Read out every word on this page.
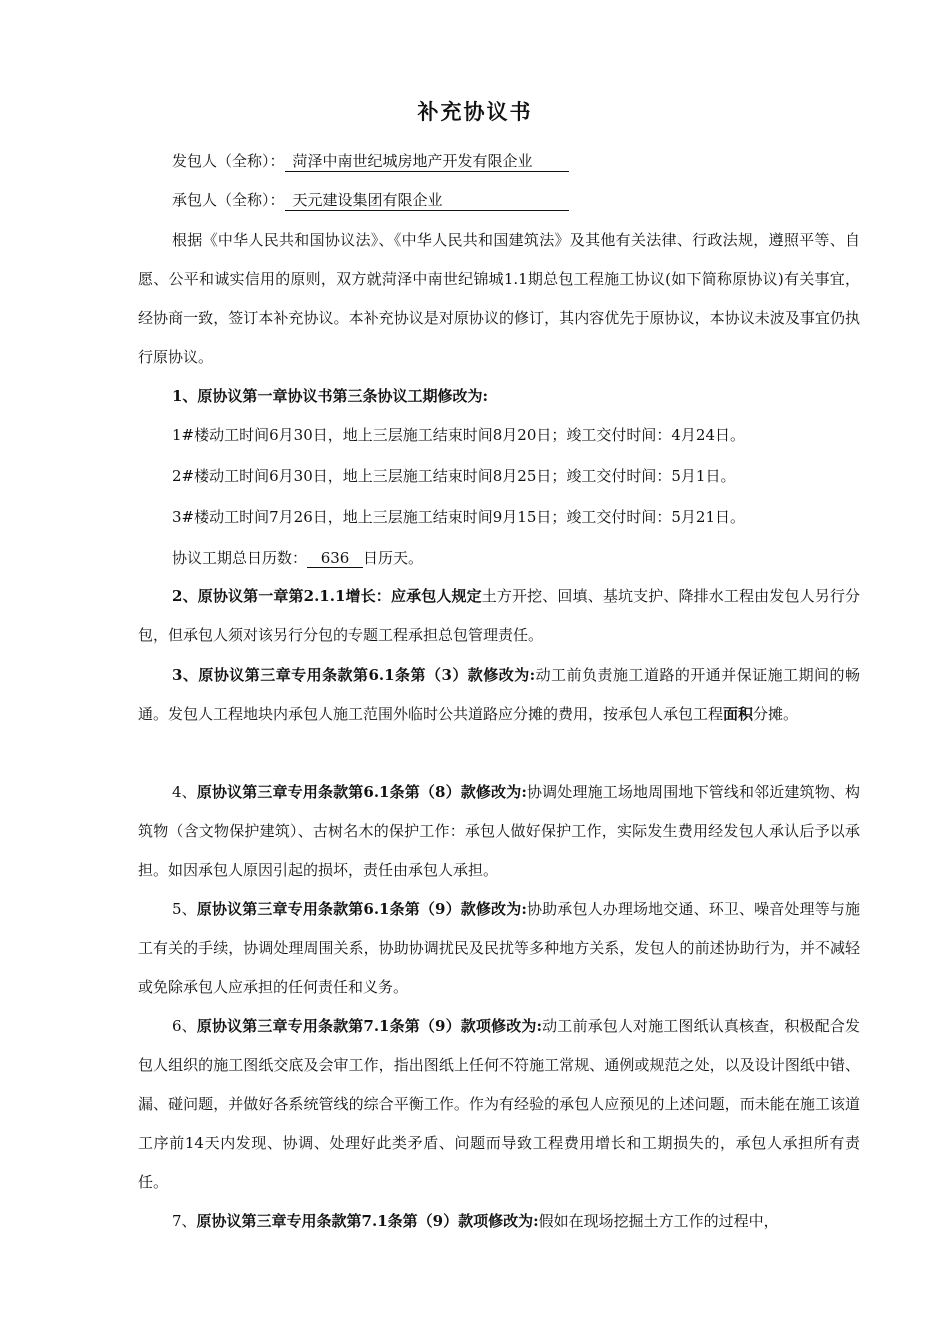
补充协议书
发包人（全称）： 菏泽中南世纪城房地产开发有限企业
承包人（全称）： 天元建设集团有限企业
根据《中华人民共和国协议法》、《中华人民共和国建筑法》及其他有关法律、行政法规，遵照平等、自愿、公平和诚实信用的原则，双方就菏泽中南世纪锦城1.1期总包工程施工协议(如下简称原协议)有关事宜，经协商一致，签订本补充协议。本补充协议是对原协议的修订，其内容优先于原协议，本协议未波及事宜仍执行原协议。
1、原协议第一章协议书第三条协议工期修改为:
1#楼动工时间6月30日，地上三层施工结束时间8月20日；竣工交付时间：4月24日。
2#楼动工时间6月30日，地上三层施工结束时间8月25日；竣工交付时间：5月1日。
3#楼动工时间7月26日，地上三层施工结束时间9月15日；竣工交付时间：5月21日。
协议工期总日历数： 636 日历天。
2、原协议第一章第2.1.1增长：应承包人规定土方开挖、回填、基坑支护、降排水工程由发包人另行分包，但承包人须对该另行分包的专题工程承担总包管理责任。
3、原协议第三章专用条款第6.1条第（3）款修改为:动工前负责施工道路的开通并保证施工期间的畅通。发包人工程地块内承包人施工范围外临时公共道路应分摊的费用，按承包人承包工程面积分摊。
4、原协议第三章专用条款第6.1条第（8）款修改为:协调处理施工场地周围地下管线和邻近建筑物、构筑物（含文物保护建筑）、古树名木的保护工作：承包人做好保护工作，实际发生费用经发包人承认后予以承担。如因承包人原因引起的损坏，责任由承包人承担。
5、原协议第三章专用条款第6.1条第（9）款修改为:协助承包人办理场地交通、环卫、噪音处理等与施工有关的手续，协调处理周围关系，协助协调扰民及民扰等多种地方关系，发包人的前述协助行为，并不减轻或免除承包人应承担的任何责任和义务。
6、原协议第三章专用条款第7.1条第（9）款项修改为:动工前承包人对施工图纸认真核查，积极配合发包人组织的施工图纸交底及会审工作，指出图纸上任何不符施工常规、通例或规范之处，以及设计图纸中错、漏、碰问题，并做好各系统管线的综合平衡工作。作为有经验的承包人应预见的上述问题，而未能在施工该道工序前14天内发现、协调、处理好此类矛盾、问题而导致工程费用增长和工期损失的，承包人承担所有责任。
7、原协议第三章专用条款第7.1条第（9）款项修改为:假如在现场挖掘土方工作的过程中，
